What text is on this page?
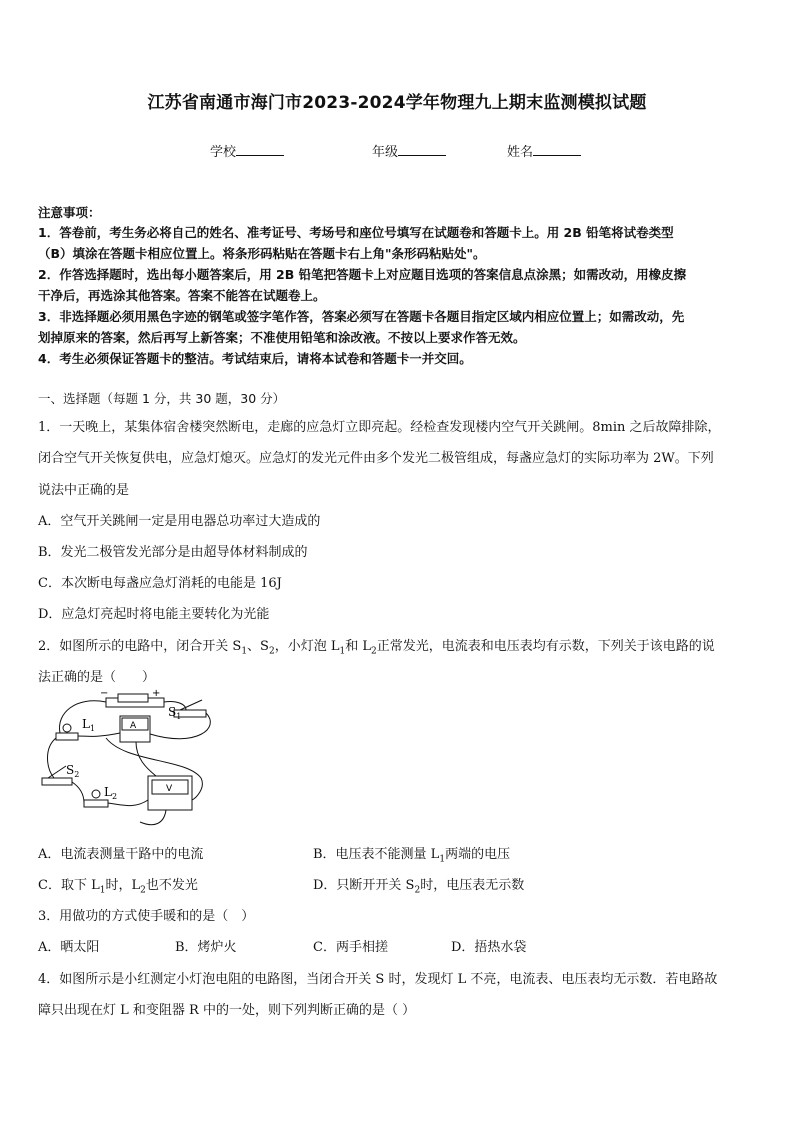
江苏省南通市海门市2023-2024学年物理九上期末监测模拟试题
学校	年级	姓名
注意事项：
1．答卷前，考生务必将自己的姓名、准考证号、考场号和座位号填写在试题卷和答题卡上。用 2B 铅笔将试卷类型
（B）填涂在答题卡相应位置上。将条形码粘贴在答题卡右上角"条形码粘贴处"。
2．作答选择题时，选出每小题答案后，用 2B 铅笔把答题卡上对应题目选项的答案信息点涂黑；如需改动，用橡皮擦
干净后，再选涂其他答案。答案不能答在试题卷上。
3．非选择题必须用黑色字迹的钢笔或签字笔作答，答案必须写在答题卡各题目指定区域内相应位置上；如需改动，先
划掉原来的答案，然后再写上新答案；不准使用铅笔和涂改液。不按以上要求作答无效。
4．考生必须保证答题卡的整洁。考试结束后，请将本试卷和答题卡一并交回。
一、选择题（每题 1 分，共 30 题，30 分）
1．一天晚上，某集体宿舍楼突然断电，走廊的应急灯立即亮起。经检查发现楼内空气开关跳闸。8min 之后故障排除，
闭合空气开关恢复供电，应急灯熄灭。应急灯的发光元件由多个发光二极管组成，每盏应急灯的实际功率为 2W。下列
说法中正确的是
A．空气开关跳闸一定是用电器总功率过大造成的
B．发光二极管发光部分是由超导体材料制成的
C．本次断电每盏应急灯消耗的电能是 16J
D．应急灯亮起时将电能主要转化为光能
2．如图所示的电路中，闭合开关 $S_1$、$S_2$，小灯泡 $L_1$和 $L_2$正常发光，电流表和电压表均有示数，下列关于该电路的说
法正确的是（　　）
$L_1$
$S_1$
$S_2$
$L_2$
−	+
A
V
A．电流表测量干路中的电流	B．电压表不能测量 $L_1$两端的电压
C．取下 $L_1$时，$L_2$也不发光	D．只断开开关 $S_2$时，电压表无示数
3．用做功的方式使手暖和的是（　）
A．晒太阳	B．烤炉火	C．两手相搓	D．捂热水袋
4．如图所示是小红测定小灯泡电阻的电路图，当闭合开关 S 时，发现灯 L 不亮，电流表、电压表均无示数．若电路故
障只出现在灯 L 和变阻器 R 中的一处，则下列判断正确的是（ ）
